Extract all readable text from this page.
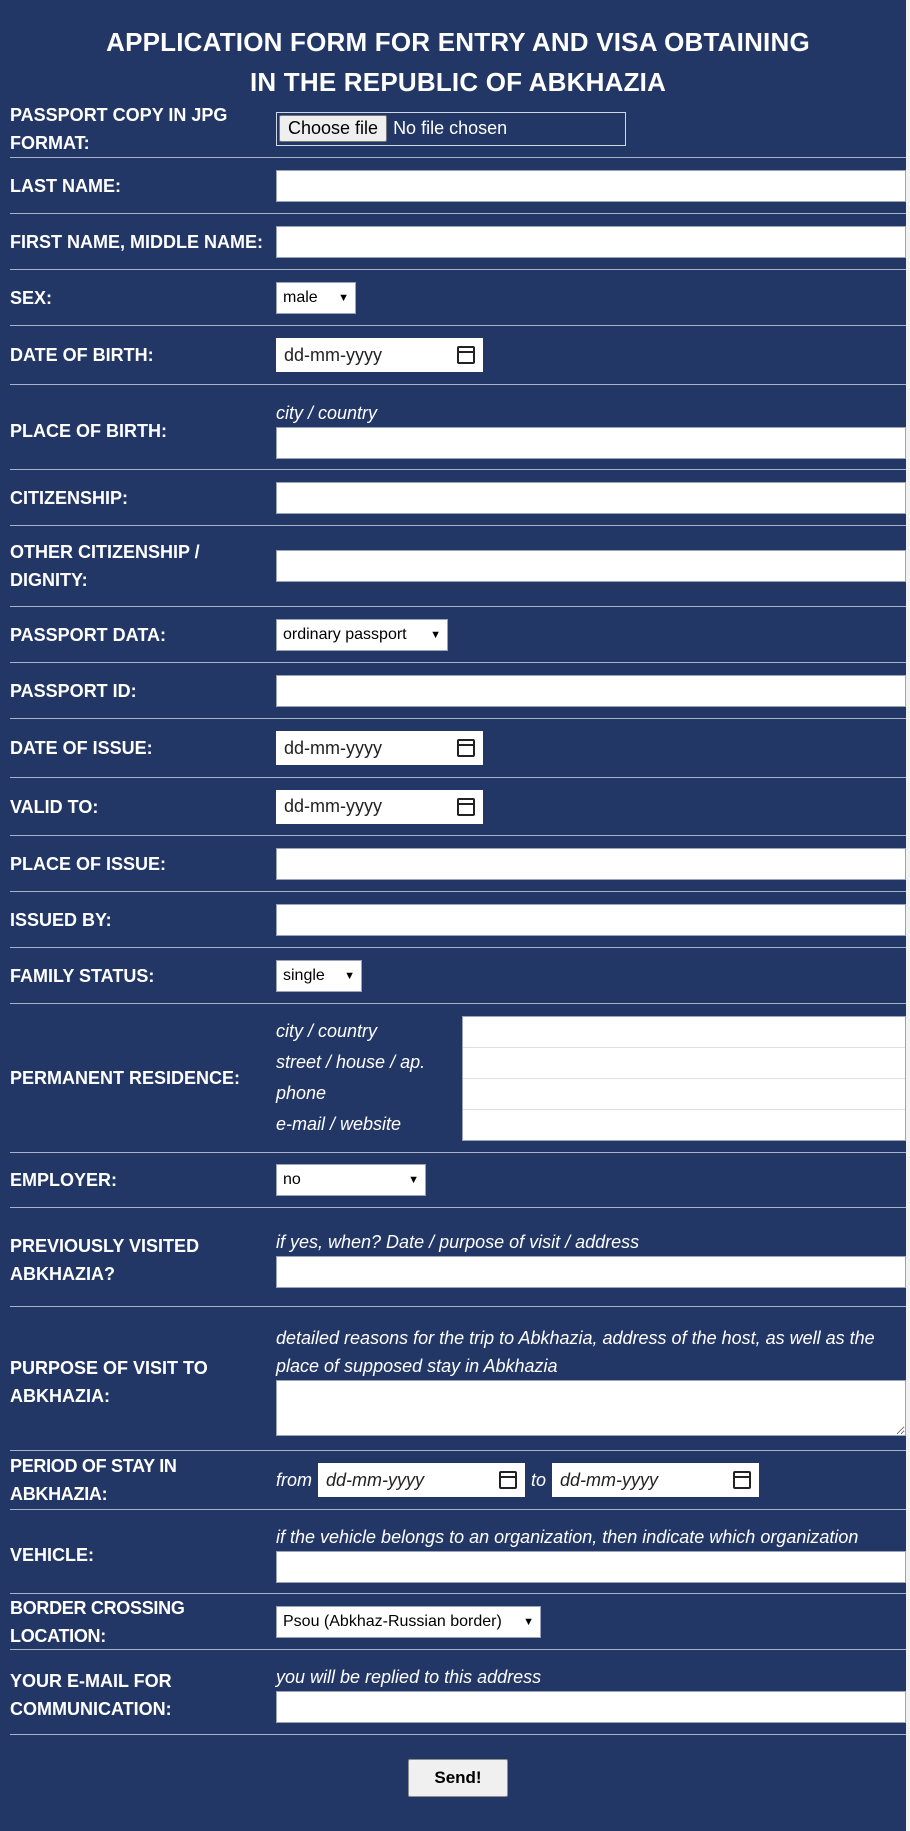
APPLICATION FORM FOR ENTRY AND VISA OBTAINING
IN THE REPUBLIC OF ABKHAZIA
PASSPORT COPY IN JPG FORMAT:
Choose file No file chosen
LAST NAME:
FIRST NAME, MIDDLE NAME:
SEX:	male ▼
DATE OF BIRTH:	dd-mm-yyyy
PLACE OF BIRTH:
city / country
CITIZENSHIP:
OTHER CITIZENSHIP / DIGNITY:
PASSPORT DATA:	ordinary passport ▼
PASSPORT ID:
DATE OF ISSUE:	dd-mm-yyyy
VALID TO:	dd-mm-yyyy
PLACE OF ISSUE:
ISSUED BY:
FAMILY STATUS:	single ▼
PERMANENT RESIDENCE:
city / country
street / house / ap.
phone
e-mail / website
EMPLOYER:	no	▼
PREVIOUSLY VISITED ABKHAZIA?
if yes, when? Date / purpose of visit / address
PURPOSE OF VISIT TO ABKHAZIA:
detailed reasons for the trip to Abkhazia, address of the host, as well as the place of supposed stay in Abkhazia
PERIOD OF STAY IN ABKHAZIA:
from dd-mm-yyyy	to dd-mm-yyyy
VEHICLE:
if the vehicle belongs to an organization, then indicate which organization
BORDER CROSSING LOCATION:
Psou (Abkhaz-Russian border) ▼
YOUR E-MAIL FOR COMMUNICATION:
you will be replied to this address
Send!
